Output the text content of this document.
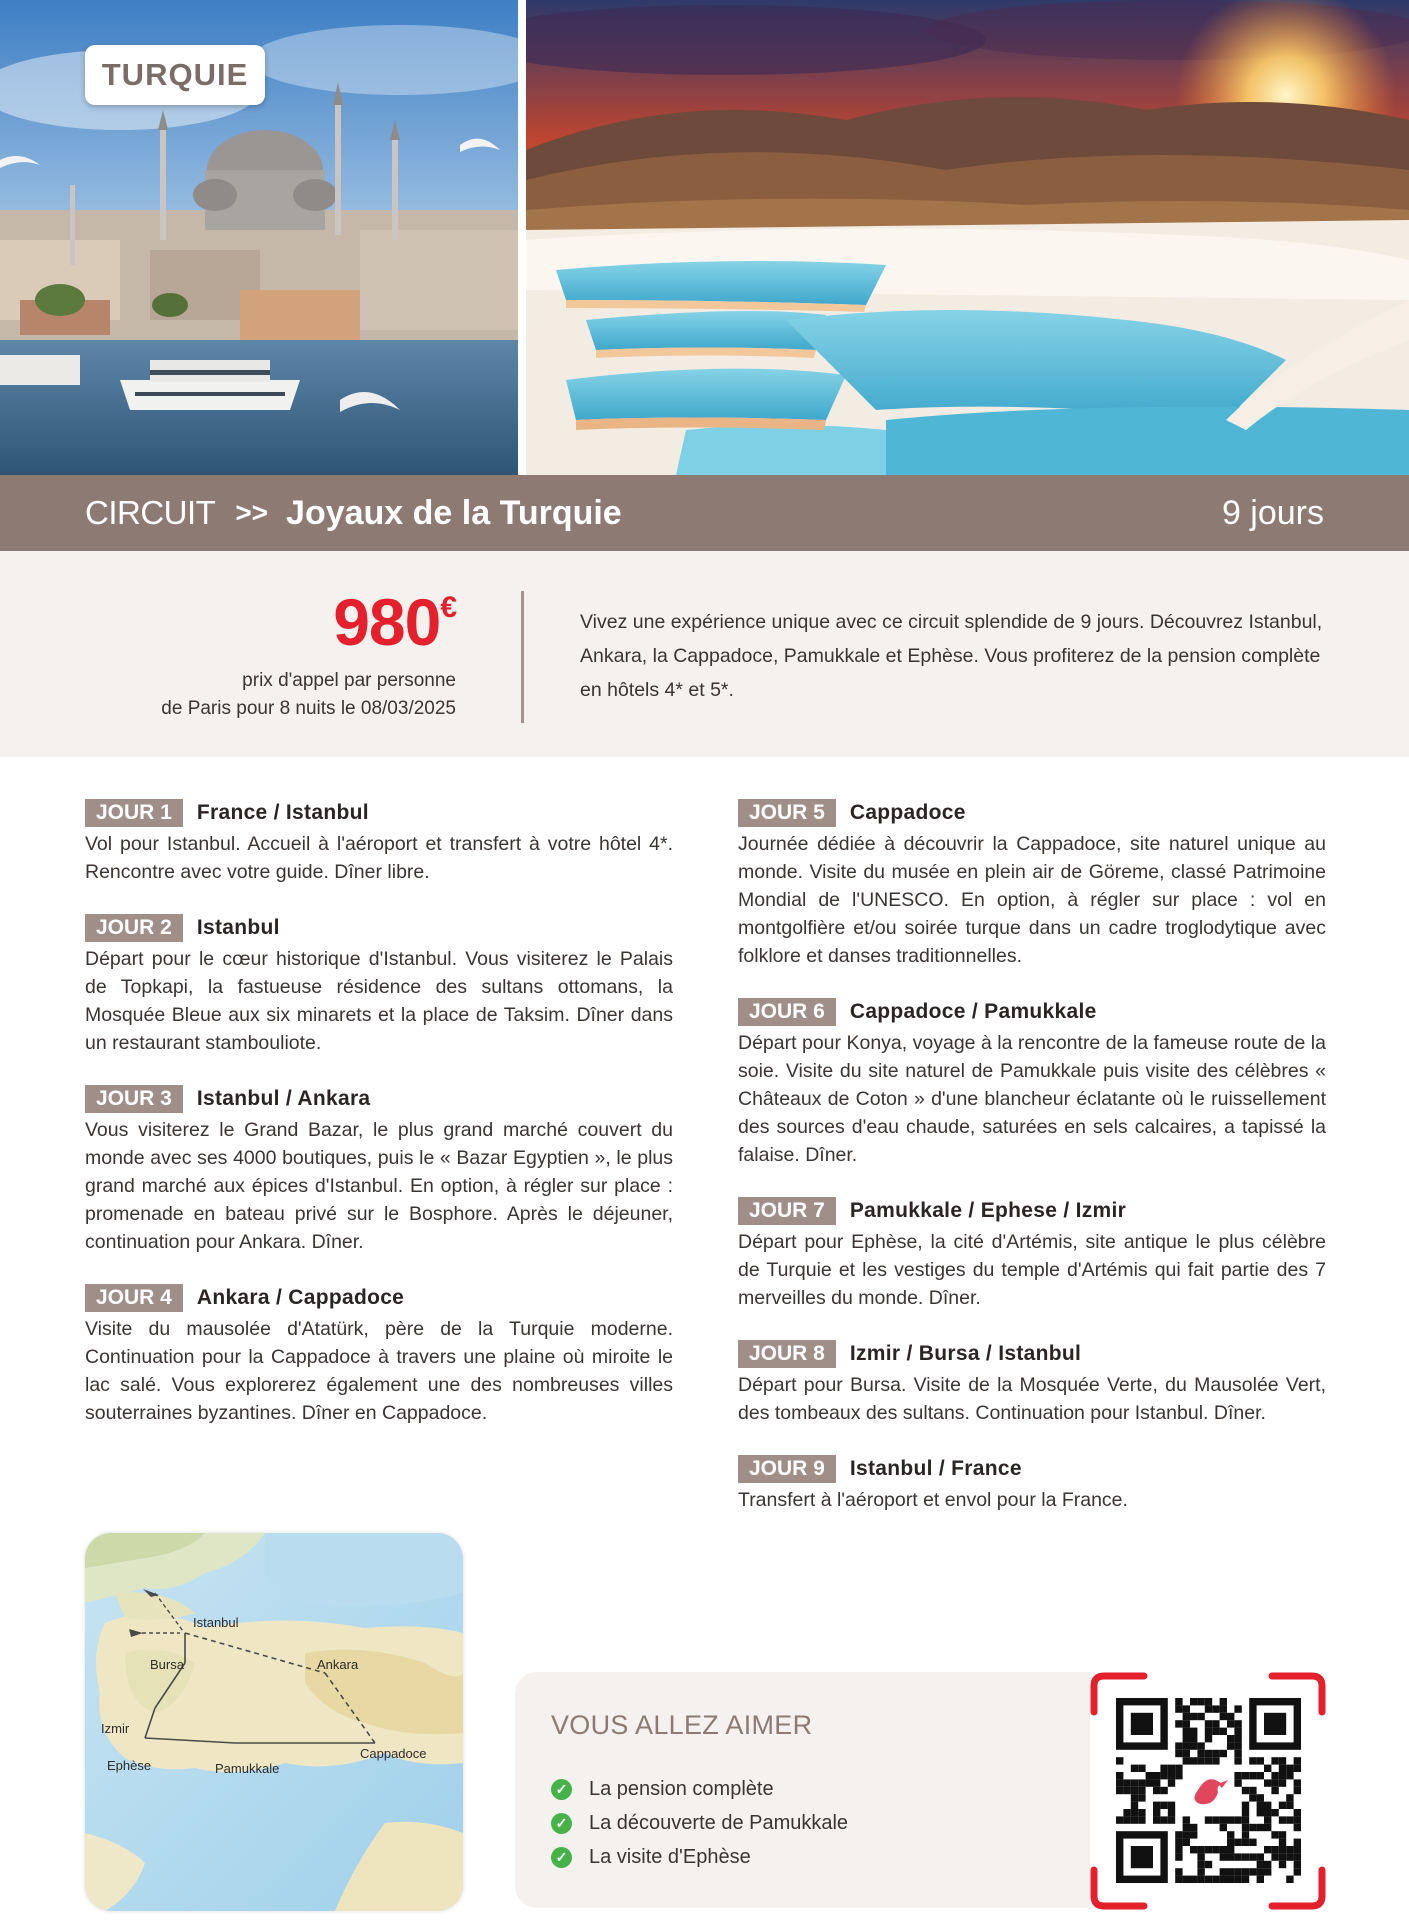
TURQUIE
CIRCUIT >> Joyaux de la Turquie	9 jours
980€
prix d'appel par personne
de Paris pour 8 nuits le 08/03/2025
Vivez une expérience unique avec ce circuit splendide de 9 jours. Découvrez Istanbul, Ankara, la Cappadoce, Pamukkale et Ephèse. Vous profiterez de la pension complète en hôtels 4* et 5*.
JOUR 1	France / Istanbul
Vol pour Istanbul. Accueil à l'aéroport et transfert à votre hôtel 4*. Rencontre avec votre guide. Dîner libre.
JOUR 2	Istanbul
Départ pour le cœur historique d'Istanbul. Vous visiterez le Palais de Topkapi, la fastueuse résidence des sultans ottomans, la Mosquée Bleue aux six minarets et la place de Taksim. Dîner dans un restaurant stambouliote.
JOUR 3	Istanbul / Ankara
Vous visiterez le Grand Bazar, le plus grand marché couvert du monde avec ses 4000 boutiques, puis le « Bazar Egyptien », le plus grand marché aux épices d'Istanbul. En option, à régler sur place : promenade en bateau privé sur le Bosphore. Après le déjeuner, continuation pour Ankara. Dîner.
JOUR 4	Ankara / Cappadoce
Visite du mausolée d'Atatürk, père de la Turquie moderne. Continuation pour la Cappadoce à travers une plaine où miroite le lac salé. Vous explorerez également une des nombreuses villes souterraines byzantines. Dîner en Cappadoce.
JOUR 5	Cappadoce
Journée dédiée à découvrir la Cappadoce, site naturel unique au monde. Visite du musée en plein air de Göreme, classé Patrimoine Mondial de l'UNESCO. En option, à régler sur place : vol en montgolfière et/ou soirée turque dans un cadre troglodytique avec folklore et danses traditionnelles.
JOUR 6	Cappadoce / Pamukkale
Départ pour Konya, voyage à la rencontre de la fameuse route de la soie. Visite du site naturel de Pamukkale puis visite des célèbres « Châteaux de Coton » d'une blancheur éclatante où le ruissellement des sources d'eau chaude, saturées en sels calcaires, a tapissé la falaise. Dîner.
JOUR 7	Pamukkale / Ephese / Izmir
Départ pour Ephèse, la cité d'Artémis, site antique le plus célèbre de Turquie et les vestiges du temple d'Artémis qui fait partie des 7 merveilles du monde. Dîner.
JOUR 8	Izmir / Bursa / Istanbul
Départ pour Bursa. Visite de la Mosquée Verte, du Mausolée Vert, des tombeaux des sultans. Continuation pour Istanbul. Dîner.
JOUR 9	Istanbul / France
Transfert à l'aéroport et envol pour la France.
Istanbul
Bursa	Ankara
Izmir
Ephèse	Pamukkale
Cappadoce
VOUS ALLEZ AIMER
✓ La pension complète
✓ La découverte de Pamukkale
✓ La visite d'Ephèse
